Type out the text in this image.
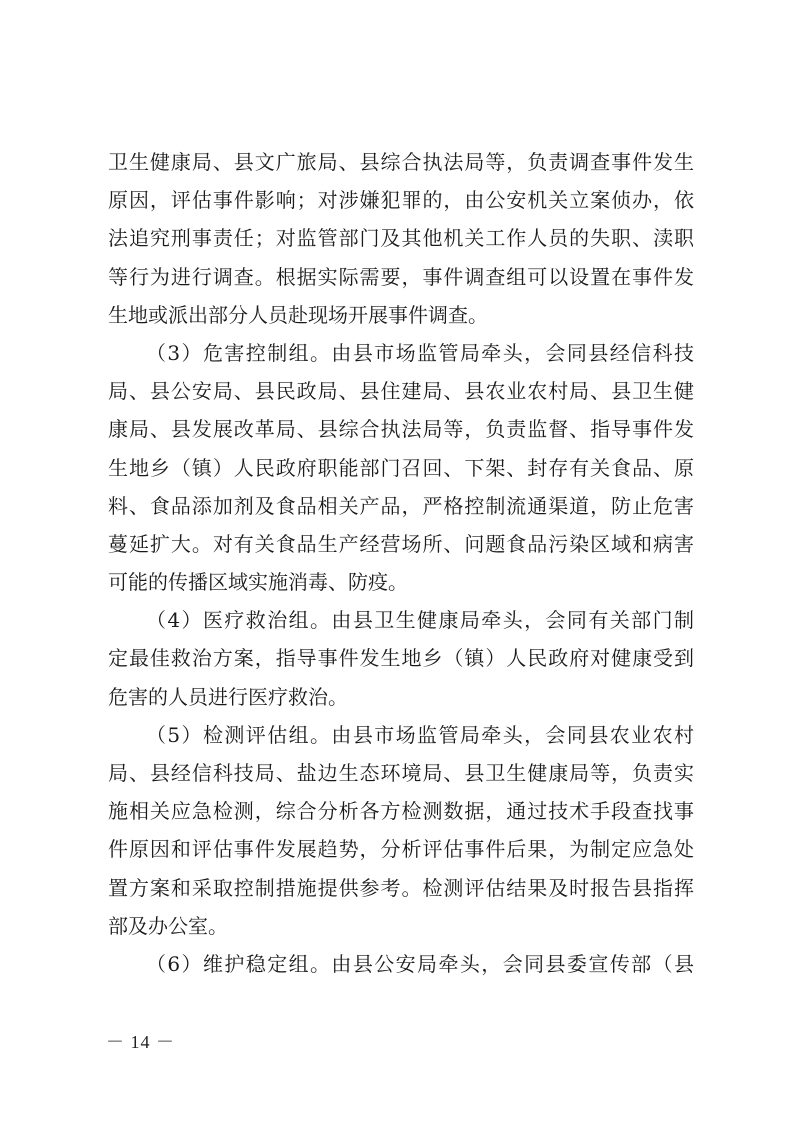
卫生健康局、县文广旅局、县综合执法局等，负责调查事件发生
原因，评估事件影响；对涉嫌犯罪的，由公安机关立案侦办，依
法追究刑事责任；对监管部门及其他机关工作人员的失职、渎职
等行为进行调查。根据实际需要，事件调查组可以设置在事件发
生地或派出部分人员赴现场开展事件调查。
（3）危害控制组。由县市场监管局牵头，会同县经信科技
局、县公安局、县民政局、县住建局、县农业农村局、县卫生健
康局、县发展改革局、县综合执法局等，负责监督、指导事件发
生地乡（镇）人民政府职能部门召回、下架、封存有关食品、原
料、食品添加剂及食品相关产品，严格控制流通渠道，防止危害
蔓延扩大。对有关食品生产经营场所、问题食品污染区域和病害
可能的传播区域实施消毒、防疫。
（4）医疗救治组。由县卫生健康局牵头，会同有关部门制
定最佳救治方案，指导事件发生地乡（镇）人民政府对健康受到
危害的人员进行医疗救治。
（5）检测评估组。由县市场监管局牵头，会同县农业农村
局、县经信科技局、盐边生态环境局、县卫生健康局等，负责实
施相关应急检测，综合分析各方检测数据，通过技术手段查找事
件原因和评估事件发展趋势，分析评估事件后果，为制定应急处
置方案和采取控制措施提供参考。检测评估结果及时报告县指挥
部及办公室。
（6）维护稳定组。由县公安局牵头，会同县委宣传部（县
－ 14 －
